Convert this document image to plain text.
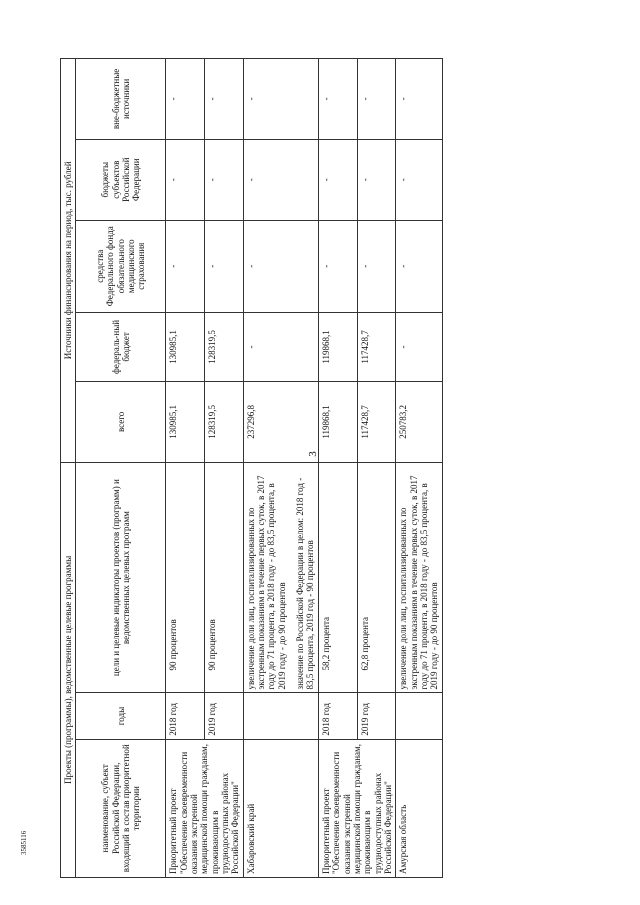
3
3585116
Проекты (программы), ведомственные целевые программы			Источники финансирования на период, тыс. рублей				
наименование, субъект Российской Федерации, входящий в состав приоритетной территории	годы	цели и целевые индикаторы проектов (программ) и ведомственных целевых программ	всего	федераль-ный бюджет	средства Федерального фонда обязательного медицинского страхования	бюджеты субъектов Российской Федерации	вне-бюджетные источники
Приоритетный проект "Обеспечение своевременности оказания экстренной медицинской помощи гражданам, проживающим в труднодоступных районах Российской Федерации"	2018 год	90 процентов	130985,1	130985,1	-	-	-
	2019 год	90 процентов	128319,5	128319,5	-	-	-
Хабаровский край		увеличение доли лиц, госпитализированных по экстренным показаниям в течение первых суток, в 2017 году до 71 процента, в 2018 году - до 83,5 процента, в 2019 году - до 90 процентов значение по Российской Федерации в целом: 2018 год - 83,5 процента, 2019 год - 90 процентов	237296,8	-	-	-	-
Приоритетный проект "Обеспечение своевременности оказания экстренной медицинской помощи гражданам, проживающим в труднодоступных районах Российской Федерации"	2018 год	58,2 процента	119868,1	119868,1	-	-	-
	2019 год	62,8 процента	117428,7	117428,7	-	-	-
Амурская область		увеличение доли лиц, госпитализированных по экстренным показаниям в течение первых суток, в 2017 году до 71 процента, в 2018 году - до 83,5 процента, в 2019 году - до 90 процентов	250783,2	-	-	-	-
